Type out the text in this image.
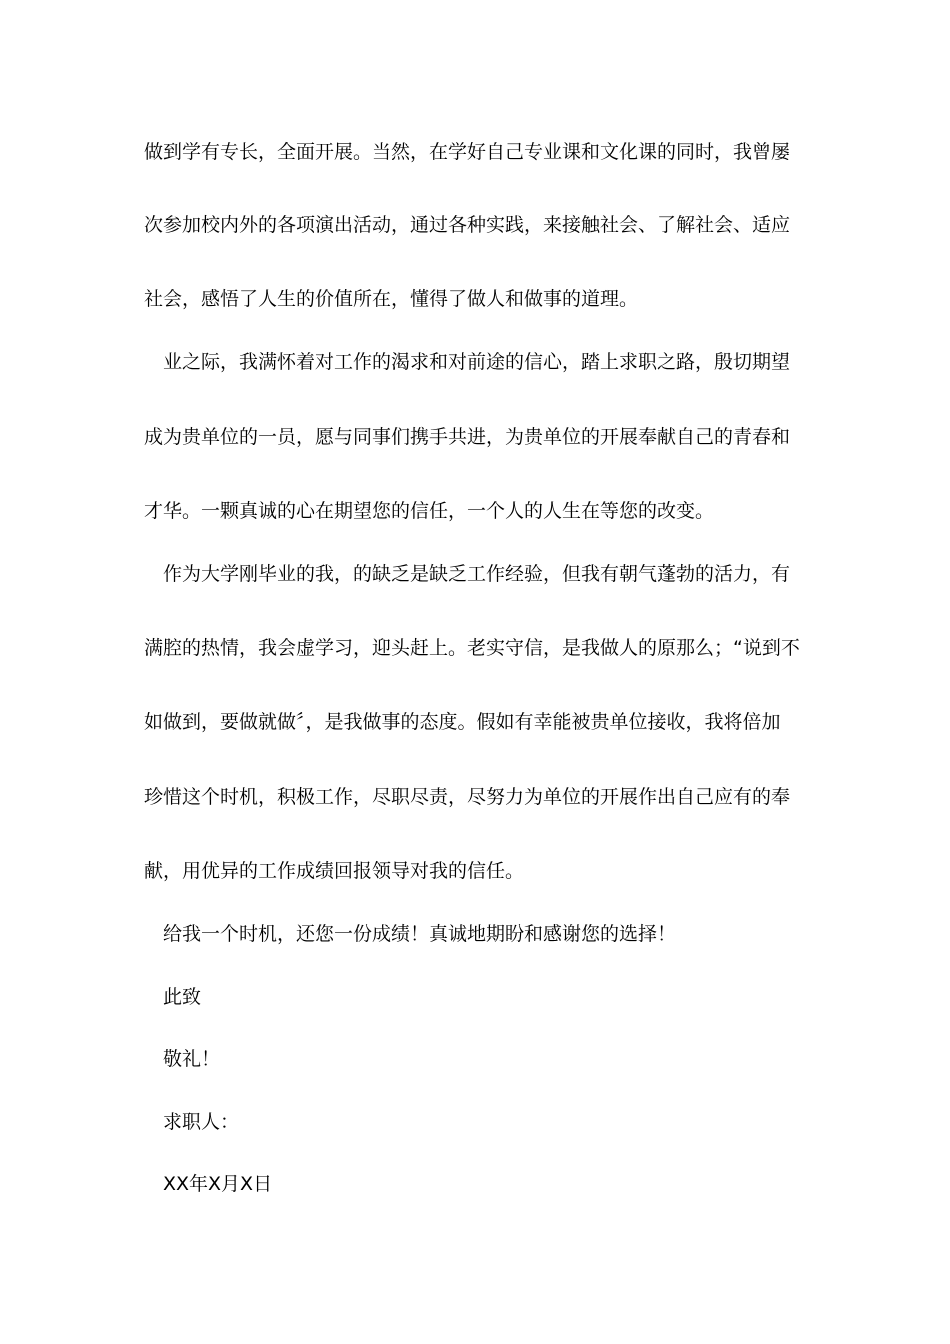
做到学有专长，全面开展。当然，在学好自己专业课和文化课的同时，我曾屡
次参加校内外的各项演出活动，通过各种实践，来接触社会、了解社会、适应
社会，感悟了人生的价值所在，懂得了做人和做事的道理。
业之际，我满怀着对工作的渴求和对前途的信心，踏上求职之路，殷切期望
成为贵单位的一员，愿与同事们携手共进，为贵单位的开展奉献自己的青春和
才华。一颗真诚的心在期望您的信任，一个人的人生在等您的改变。
作为大学刚毕业的我，的缺乏是缺乏工作经验，但我有朝气蓬勃的活力，有
满腔的热情，我会虚学习，迎头赶上。老实守信，是我做人的原那么；“说到不
如做到，要做就做〞，是我做事的态度。假如有幸能被贵单位接收，我将倍加
珍惜这个时机，积极工作，尽职尽责，尽努力为单位的开展作出自己应有的奉
献，用优异的工作成绩回报领导对我的信任。
给我一个时机，还您一份成绩！真诚地期盼和感谢您的选择！
此致
敬礼！
求职人：
XX年X月X日
